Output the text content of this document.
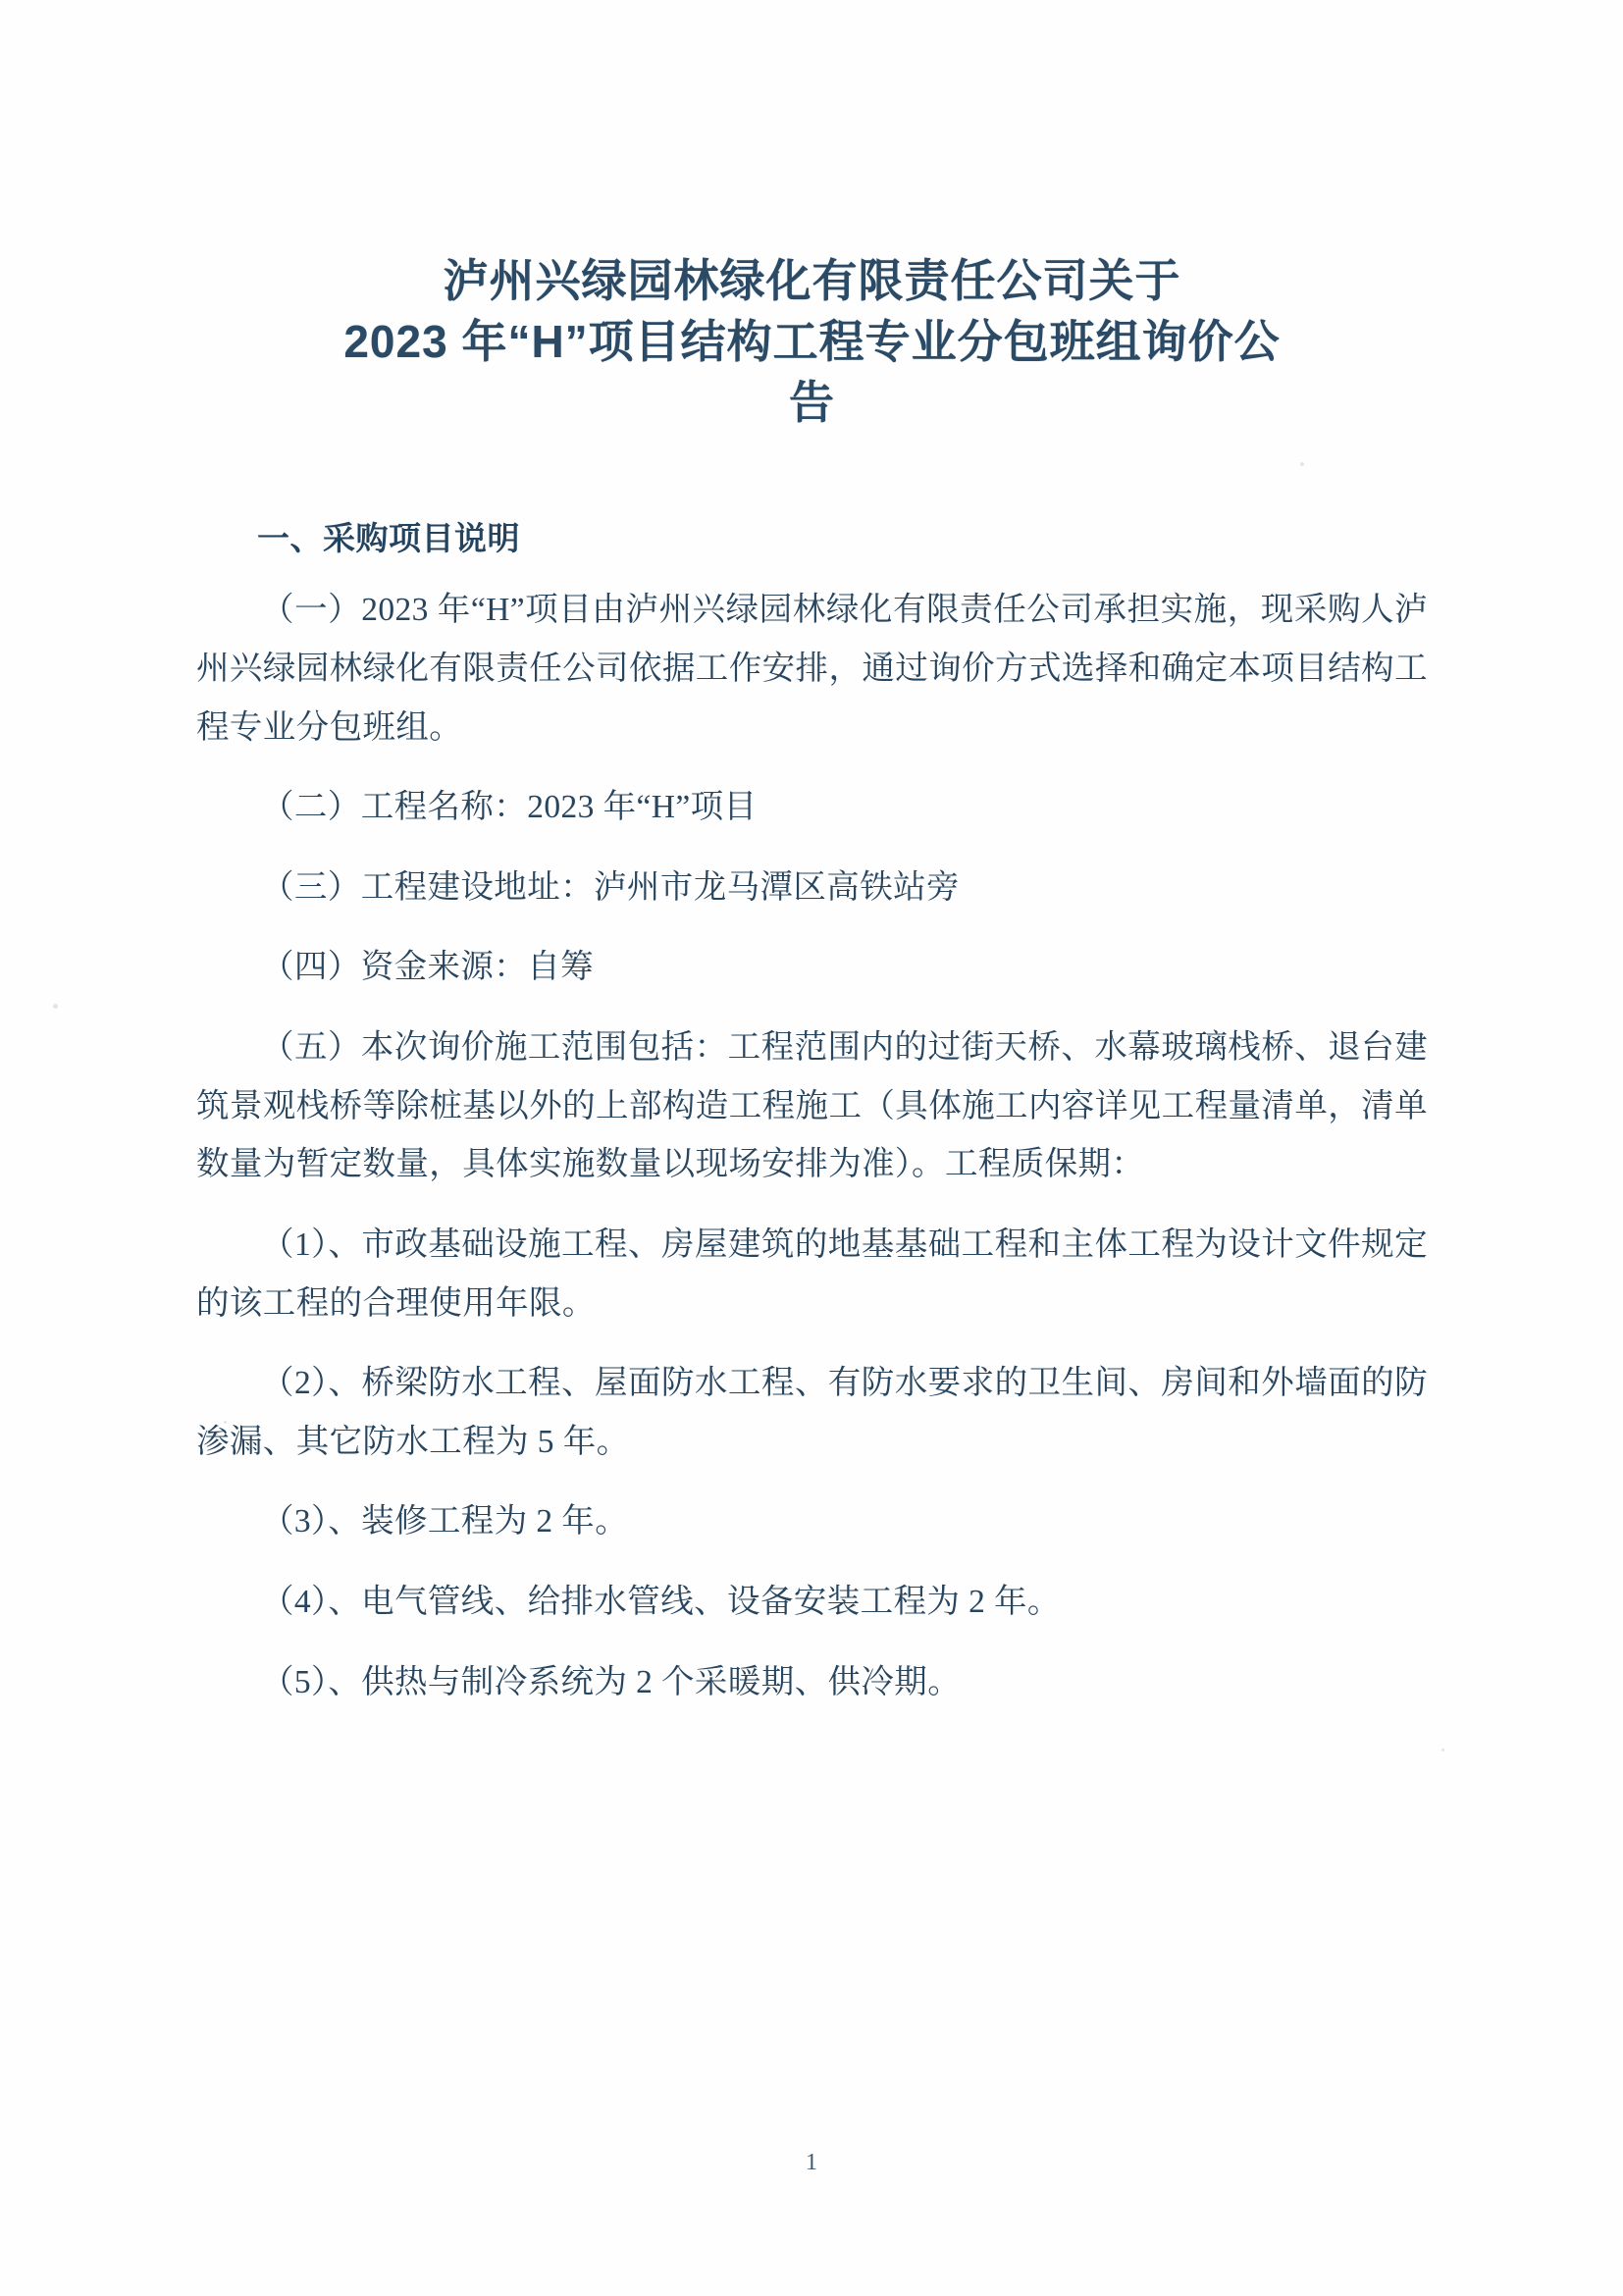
泸州兴绿园林绿化有限责任公司关于
2023 年“H”项目结构工程专业分包班组询价公
告
一、采购项目说明

（一）2023 年“H”项目由泸州兴绿园林绿化有限责任公司承担实施，现采购人泸州兴绿园林绿化有限责任公司依据工作安排，通过询价方式选择和确定本项目结构工程专业分包班组。

（二）工程名称：2023 年“H”项目

（三）工程建设地址：泸州市龙马潭区高铁站旁

（四）资金来源：自筹

（五）本次询价施工范围包括：工程范围内的过街天桥、水幕玻璃栈桥、退台建筑景观栈桥等除桩基以外的上部构造工程施工（具体施工内容详见工程量清单，清单数量为暂定数量，具体实施数量以现场安排为准）。工程质保期：

（1）、市政基础设施工程、房屋建筑的地基基础工程和主体工程为设计文件规定的该工程的合理使用年限。

（2）、桥梁防水工程、屋面防水工程、有防水要求的卫生间、房间和外墙面的防渗漏、其它防水工程为 5 年。

（3）、装修工程为 2 年。

（4）、电气管线、给排水管线、设备安装工程为 2 年。

（5）、供热与制冷系统为 2 个采暖期、供冷期。

1
